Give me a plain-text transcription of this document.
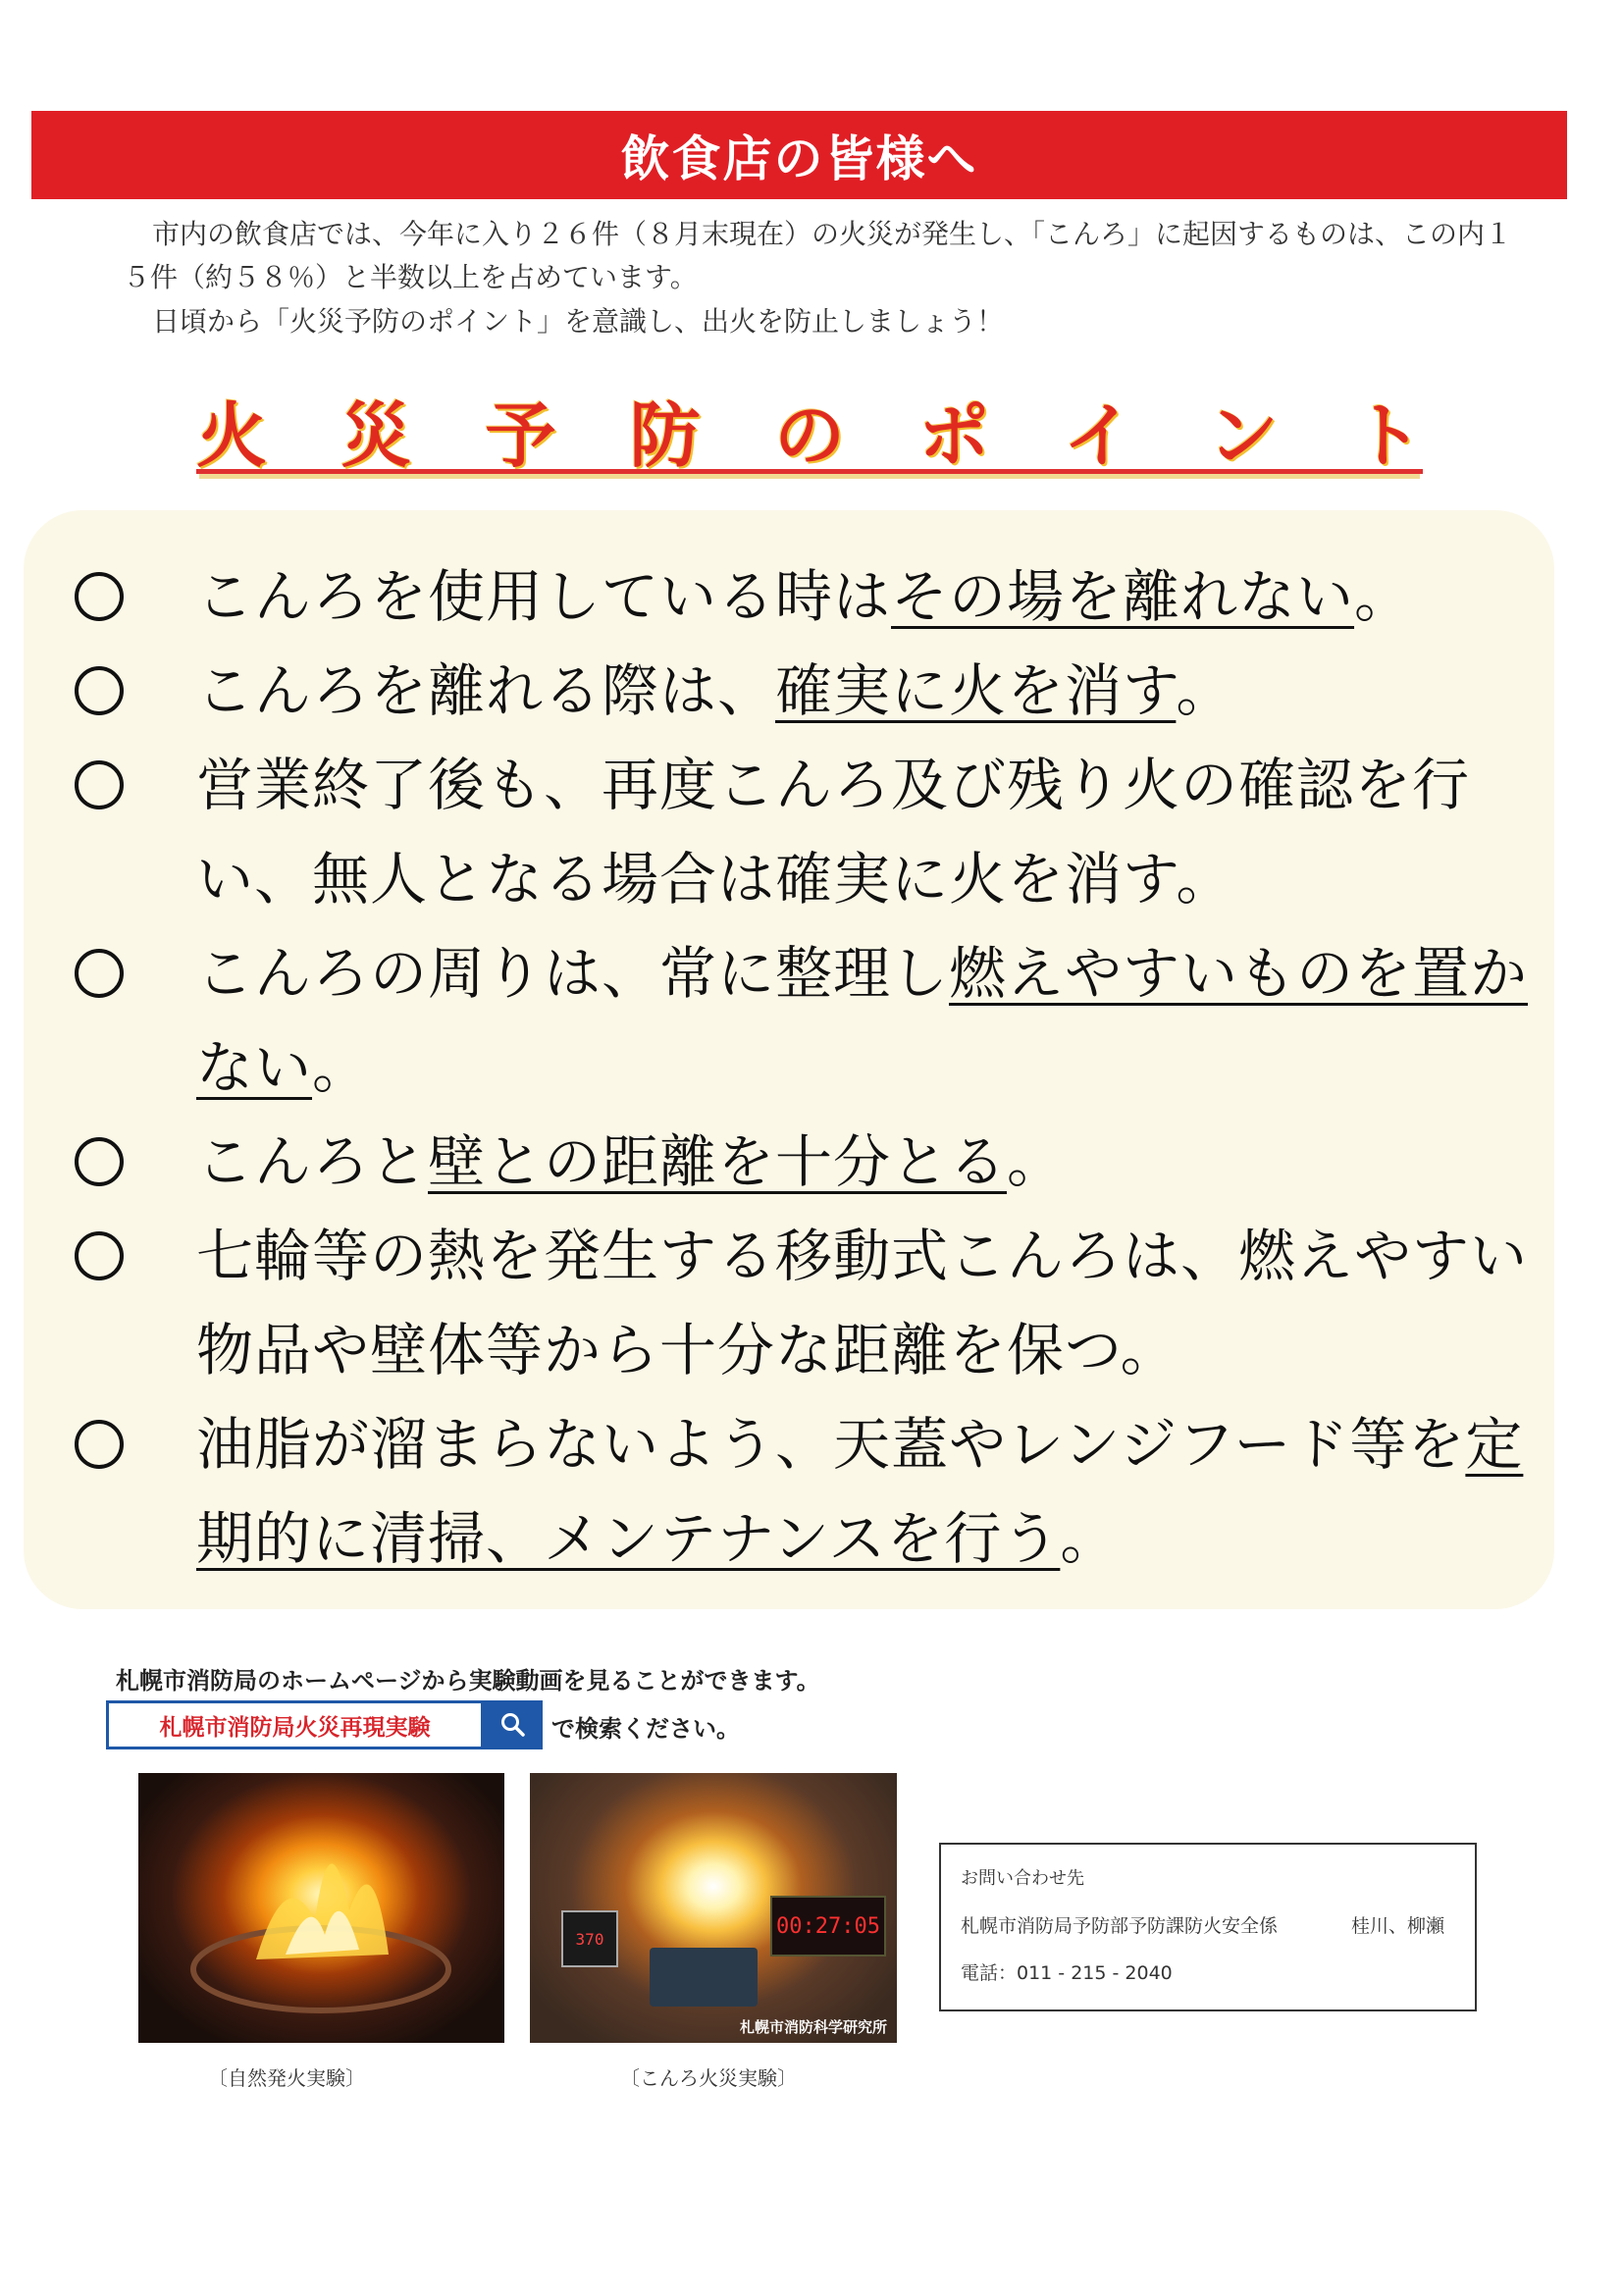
飲食店の皆様へ

市内の飲食店では、今年に入り２６件（８月末現在）の火災が発生し、「こんろ」に起因するものは、この内１５件（約５８％）と半数以上を占めています。

日頃から「火災予防のポイント」を意識し、出火を防止しましょう！

火 災 予 防 の ポ イ ン ト
こんろを使用している時はその場を離れない。
こんろを離れる際は、確実に火を消す。
営業終了後も、再度こんろ及び残り火の確認を行い、無人となる場合は確実に火を消す。
こんろの周りは、常に整理し燃えやすいものを置かない。
こんろと壁との距離を十分とる。
七輪等の熱を発生する移動式こんろは、燃えやすい物品や壁体等から十分な距離を保つ。
油脂が溜まらないよう、天蓋やレンジフード等を定期的に清掃、メンテナンスを行う。
札幌市消防局のホームページから実験動画を見ることができます。
札幌市消防局火災再現実験	で検索ください。
370
00:27:05
札幌市消防科学研究所
〔自然発火実験〕	〔こんろ火災実験〕
お問い合わせ先
札幌市消防局予防部予防課防火安全係	桂川、柳瀬
電話：011 - 215 - 2040
